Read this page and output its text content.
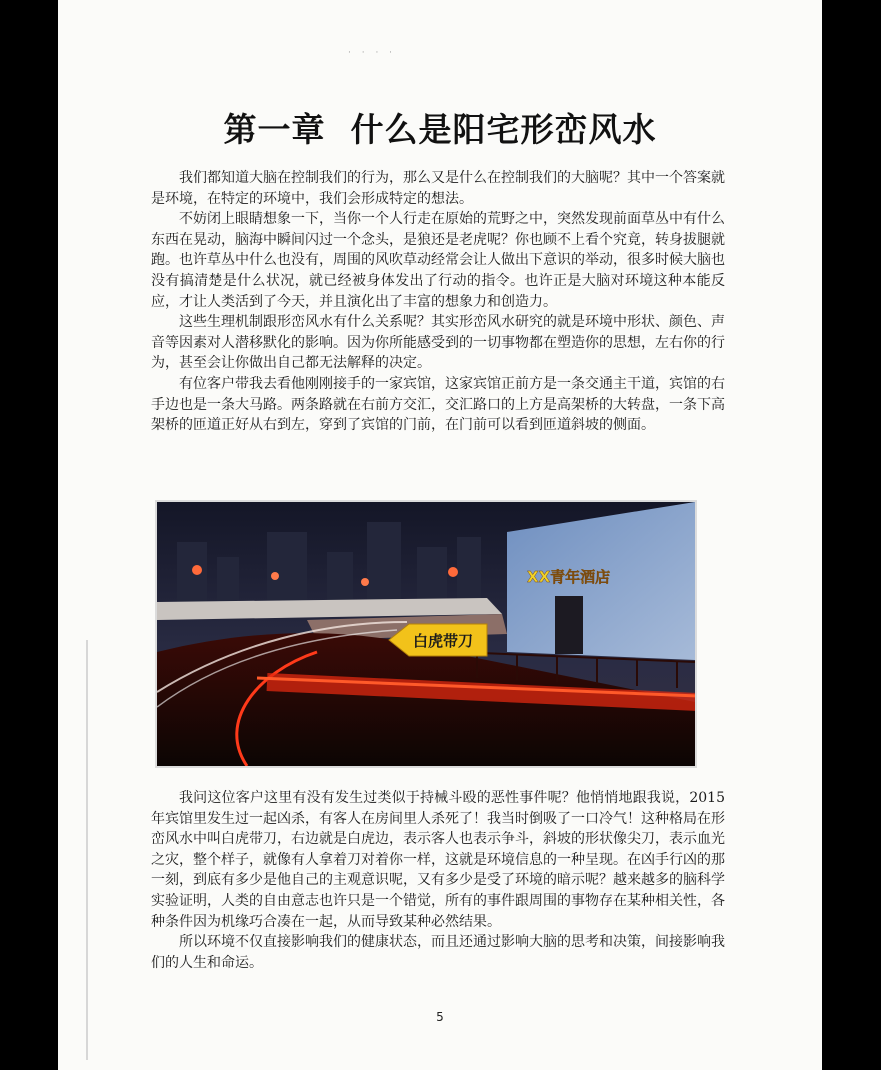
· · · ·
第一章  什么是阳宅形峦风水

我们都知道大脑在控制我们的行为，那么又是什么在控制我们的大脑呢？其中一个答案就是环境，在特定的环境中，我们会形成特定的想法。

不妨闭上眼睛想象一下，当你一个人行走在原始的荒野之中，突然发现前面草丛中有什么东西在晃动，脑海中瞬间闪过一个念头，是狼还是老虎呢？你也顾不上看个究竟，转身拔腿就跑。也许草丛中什么也没有，周围的风吹草动经常会让人做出下意识的举动，很多时候大脑也没有搞清楚是什么状况，就已经被身体发出了行动的指令。也许正是大脑对环境这种本能反应，才让人类活到了今天，并且演化出了丰富的想象力和创造力。

这些生理机制跟形峦风水有什么关系呢？其实形峦风水研究的就是环境中形状、颜色、声音等因素对人潜移默化的影响。因为你所能感受到的一切事物都在塑造你的思想，左右你的行为，甚至会让你做出自己都无法解释的决定。

有位客户带我去看他刚刚接手的一家宾馆，这家宾馆正前方是一条交通主干道，宾馆的右手边也是一条大马路。两条路就在右前方交汇，交汇路口的上方是高架桥的大转盘，一条下高架桥的匝道正好从右到左，穿到了宾馆的门前，在门前可以看到匝道斜坡的侧面。

XX青年酒店
白虎带刀

我问这位客户这里有没有发生过类似于持械斗殴的恶性事件呢？他悄悄地跟我说，2015 年宾馆里发生过一起凶杀，有客人在房间里人杀死了！我当时倒吸了一口冷气！这种格局在形峦风水中叫白虎带刀，右边就是白虎边，表示客人也表示争斗，斜坡的形状像尖刀，表示血光之灾，整个样子，就像有人拿着刀对着你一样，这就是环境信息的一种呈现。在凶手行凶的那一刻，到底有多少是他自己的主观意识呢，又有多少是受了环境的暗示呢？越来越多的脑科学实验证明，人类的自由意志也许只是一个错觉，所有的事件跟周围的事物存在某种相关性，各种条件因为机缘巧合凑在一起，从而导致某种必然结果。

所以环境不仅直接影响我们的健康状态，而且还通过影响大脑的思考和决策，间接影响我们的人生和命运。

5
